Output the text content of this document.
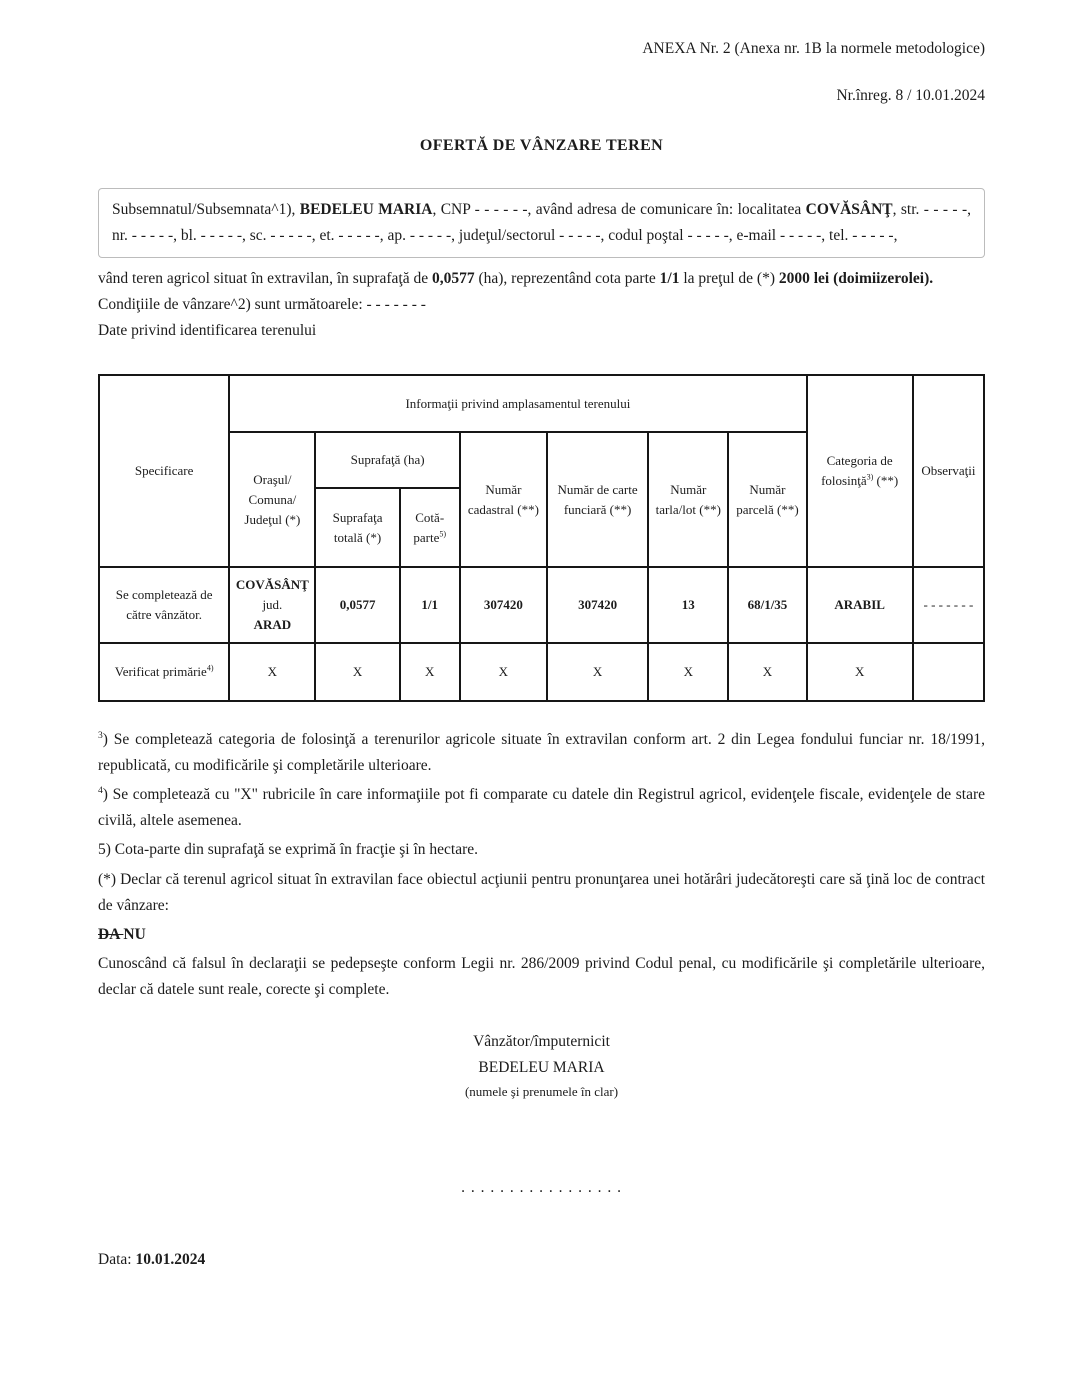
ANEXA Nr. 2 (Anexa nr. 1B la normele metodologice)
Nr.înreg. 8 / 10.01.2024
OFERTĂ DE VÂNZARE TEREN
Subsemnatul/Subsemnata^1), BEDELEU MARIA, CNP - - - - - -, având adresa de comunicare în: localitatea COVĂSÂNŢ, str. - - - - -, nr. - - - - -, bl. - - - - -, sc. - - - - -, et. - - - - -, ap. - - - - -, judeţul/sectorul - - - - -, codul poştal - - - - -, e-mail - - - - -, tel. - - - - -,

vând teren agricol situat în extravilan, în suprafaţă de 0,0577 (ha), reprezentând cota parte 1/1 la preţul de (*) 2000 lei (doimiizerolei).

Condiţiile de vânzare^2) sunt următoarele: - - - - - - -

Date privind identificarea terenului

Specificare	Informaţii privind amplasamentul terenului							Categoria de folosinţă$^{3)}$ (**)	Observaţii
	Oraşul/
Comuna/
Judeţul (*)	Suprafaţă (ha)		Număr cadastral (**)	Număr de carte funciară (**)	Număr tarla/lot (**)	Număr parcelă (**)		
		Suprafaţa totală (*)	Cotă-parte$^{5)}$
Se completează de către vânzător.	COVĂSÂNŢ
jud.
ARAD	0,0577	1/1	307420	307420	13	68/1/35	ARABIL	- - - - - - -
Verificat primărie$^{4)}$	X	X	X	X	X	X	X	X	

$^3$) Se completează categoria de folosinţă a terenurilor agricole situate în extravilan conform art. 2 din Legea fondului funciar nr. 18/1991, republicată, cu modificările şi completările ulterioare.

$^4$) Se completează cu "X" rubricile în care informaţiile pot fi comparate cu datele din Registrul agricol, evidenţele fiscale, evidenţele de stare civilă, altele asemenea.

5) Cota-parte din suprafaţă se exprimă în fracţie şi în hectare.

(*) Declar că terenul agricol situat în extravilan face obiectul acţiunii pentru pronunţarea unei hotărâri judecătoreşti care să ţină loc de contract de vânzare:

DA NU

Cunoscând că falsul în declaraţii se pedepseşte conform Legii nr. 286/2009 privind Codul penal, cu modificările şi completările ulterioare, declar că datele sunt reale, corecte şi complete.

Vânzător/împuternicit
BEDELEU MARIA
(numele şi prenumele în clar)
. . . . . . . . . . . . . . . . .
Data: 10.01.2024
